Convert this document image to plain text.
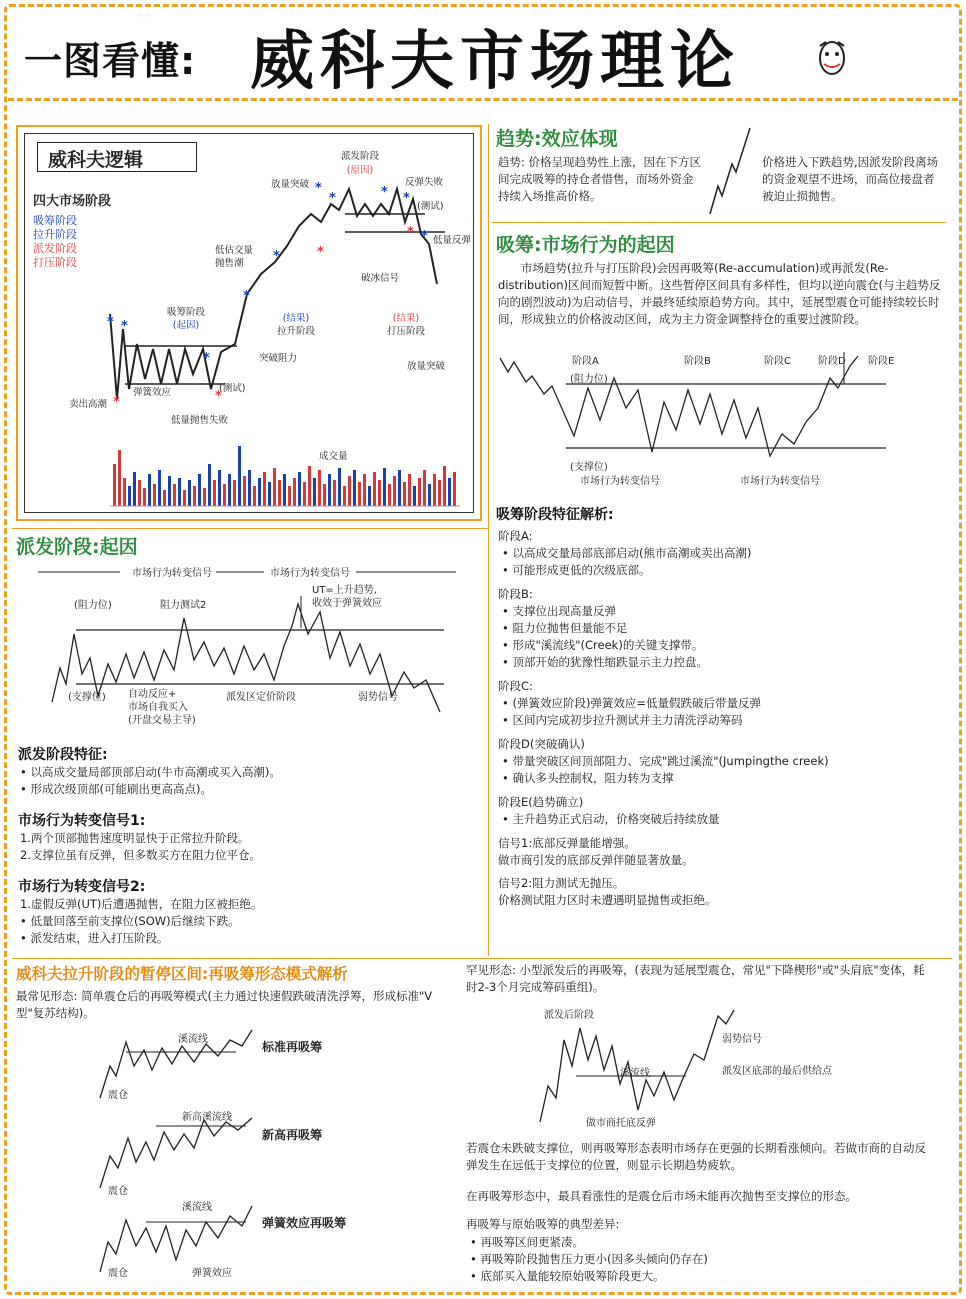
一图看懂: 威科夫市场理论
威科夫逻辑
四大市场阶段
吸筹阶段
拉升阶段
派发阶段
打压阶段
* *
*
*
*
*
*
*
*
*
* *
* *
派发阶段
(原因)
放量突破	反弹失败
(测试)
低量反弹
低估交量
抛售潮
破冰信号
吸筹阶段
(起因)
(结果)
拉升阶段
(结果)
打压阶段
突破阻力
弹簧效应	(测试)
卖出高潮
低量抛售失败
放量突破
成交量
趋势:效应体现
趋势: 价格呈现趋势性上涨，因在下方区间完成吸筹的持仓者惜售，而场外资金持续入场推高价格。
价格进入下跌趋势,因派发阶段离场的资金观望不进场，而高位接盘者被迫止损抛售。
吸筹:市场行为的起因
市场趋势(拉升与打压阶段)会因再吸筹(Re-accumulation)或再派发(Re-distribution)区间而短暂中断。这些暂停区间具有多样性，但均以逆向震仓(与主趋势反向的剧烈波动)为启动信号，并最终延续原趋势方向。其中，延展型震仓可能持续较长时间，形成独立的价格波动区间，成为主力资金调整持仓的重要过渡阶段。
阶段A	阶段B	阶段C	阶段D 阶段E
(阻力位)
(支撑位)
市场行为转变信号	市场行为转变信号
吸筹阶段特征解析:
阶段A:
• 以高成交量局部底部启动(熊市高潮或卖出高潮)
• 可能形成更低的次级底部。
阶段B:
• 支撑位出现高量反弹
• 阻力位抛售但量能不足
• 形成"溪流线"(Creek)的关键支撑带。
• 顶部开始的犹豫性缩跌显示主力控盘。
阶段C:
• (弹簧效应阶段)弹簧效应=低量假跌破后带量反弹
• 区间内完成初步拉升测试并主力清洗浮动筹码
阶段D(突破确认)
• 带量突破区间顶部阻力、完成"跳过溪流"(Jumpingthe creek)
• 确认多头控制权，阻力转为支撑
阶段E(趋势确立)
• 主升趋势正式启动，价格突破后持续放量
信号1:底部反弹量能增强。
做市商引发的底部反弹伴随显著放量。
信号2:阻力测试无抛压。
价格测试阻力区时未遭遇明显抛售或拒绝。
派发阶段:起因
市场行为转变信号	市场行为转变信号
(阻力位)	阻力测试2
UT=上升趋势,
收效于弹簧效应
(支撑位) 自动反应+
市场自我买入
(开盘交易主导)
派发区定价阶段	弱势信号
派发阶段特征:
• 以高成交量局部顶部启动(牛市高潮或买入高潮)。
• 形成次级顶部(可能刷出更高高点)。
市场行为转变信号1:
1.两个顶部抛售速度明显快于正常拉升阶段。
2.支撑位虽有反弹，但多数买方在阻力位平仓。
市场行为转变信号2:
1.虚假反弹(UT)后遭遇抛售，在阻力区被拒绝。
• 低量回落至前支撑位(SOW)后继续下跌。
• 派发结束，进入打压阶段。
威科夫拉升阶段的暂停区间:再吸筹形态模式解析
最常见形态: 简单震仓后的再吸筹模式(主力通过快速假跌破清洗浮筹，形成标准"V型"复苏结构)。
溪流线
震仓
标准再吸筹
新高溪流线
震仓
新高再吸筹
溪流线
震仓	弹簧效应
弹簧效应再吸筹
罕见形态: 小型派发后的再吸筹，(表现为延展型震仓，常见"下降楔形"或"头肩底"变体，耗时2-3个月完成筹码重组)。
派发后阶段
溪流线
做市商托底反弹
弱势信号
派发区底部的最后供给点
若震仓未跌破支撑位，则再吸筹形态表明市场存在更强的长期看涨倾向。若做市商的自动反弹发生在远低于支撑位的位置，则显示长期趋势疲软。
在再吸筹形态中，最具看涨性的是震仓后市场未能再次抛售至支撑位的形态。
再吸筹与原始吸筹的典型差异:
• 再吸筹区间更紧凑。
• 再吸筹阶段抛售压力更小(因多头倾向仍存在)
• 底部买入量能较原始吸筹阶段更大。
